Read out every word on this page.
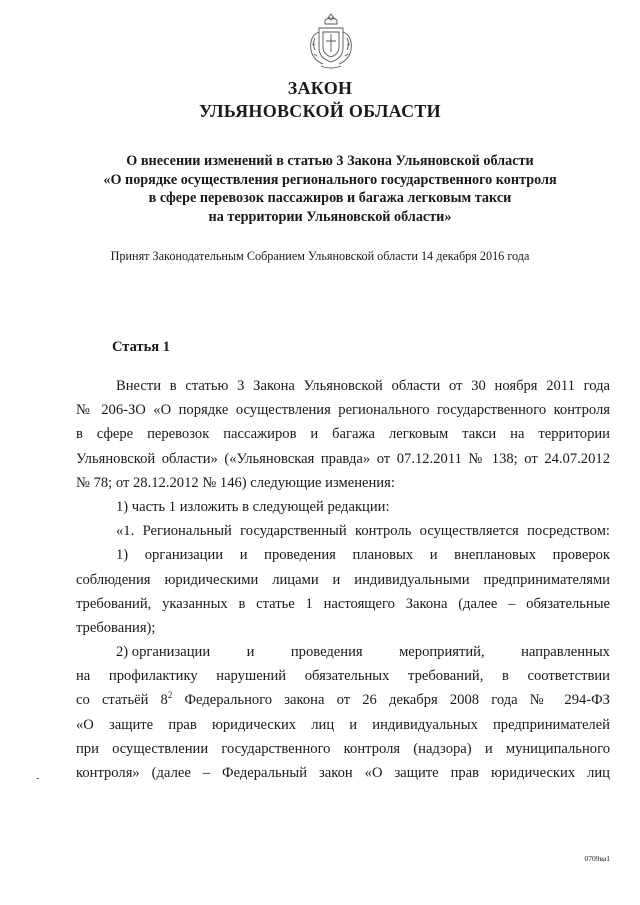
ЗАКОН
УЛЬЯНОВСКОЙ ОБЛАСТИ
О внесении изменений в статью 3 Закона Ульяновской области
«О порядке осуществления регионального государственного контроля
в сфере перевозок пассажиров и багажа легковым такси
на территории Ульяновской области»
Принят Законодательным Собранием Ульяновской области 14 декабря 2016 года
Статья 1
Внести в статью 3 Закона Ульяновской области от 30 ноября 2011 года
№ 206-ЗО «О порядке осуществления регионального государственного контроля
в сфере перевозок пассажиров и багажа легковым такси на территории
Ульяновской области» («Ульяновская правда» от 07.12.2011 № 138; от 24.07.2012
№ 78; от 28.12.2012 № 146) следующие изменения:
1) часть 1 изложить в следующей редакции:
«1. Региональный государственный контроль осуществляется посредством:
1) организации и проведения плановых и внеплановых проверок
соблюдения юридическими лицами и индивидуальными предпринимателями
требований, указанных в статье 1 настоящего Закона (далее – обязательные
требования);
2) организации и проведения мероприятий, направленных
на профилактику нарушений обязательных требований, в соответствии
со статьёй $8^2$ Федерального закона от 26 декабря 2008 года № 294-ФЗ
«О защите прав юридических лиц и индивидуальных предпринимателей
при осуществлении государственного контроля (надзора) и муниципального
контроля» (далее – Федеральный закон «О защите прав юридических лиц
-
0709ва1
